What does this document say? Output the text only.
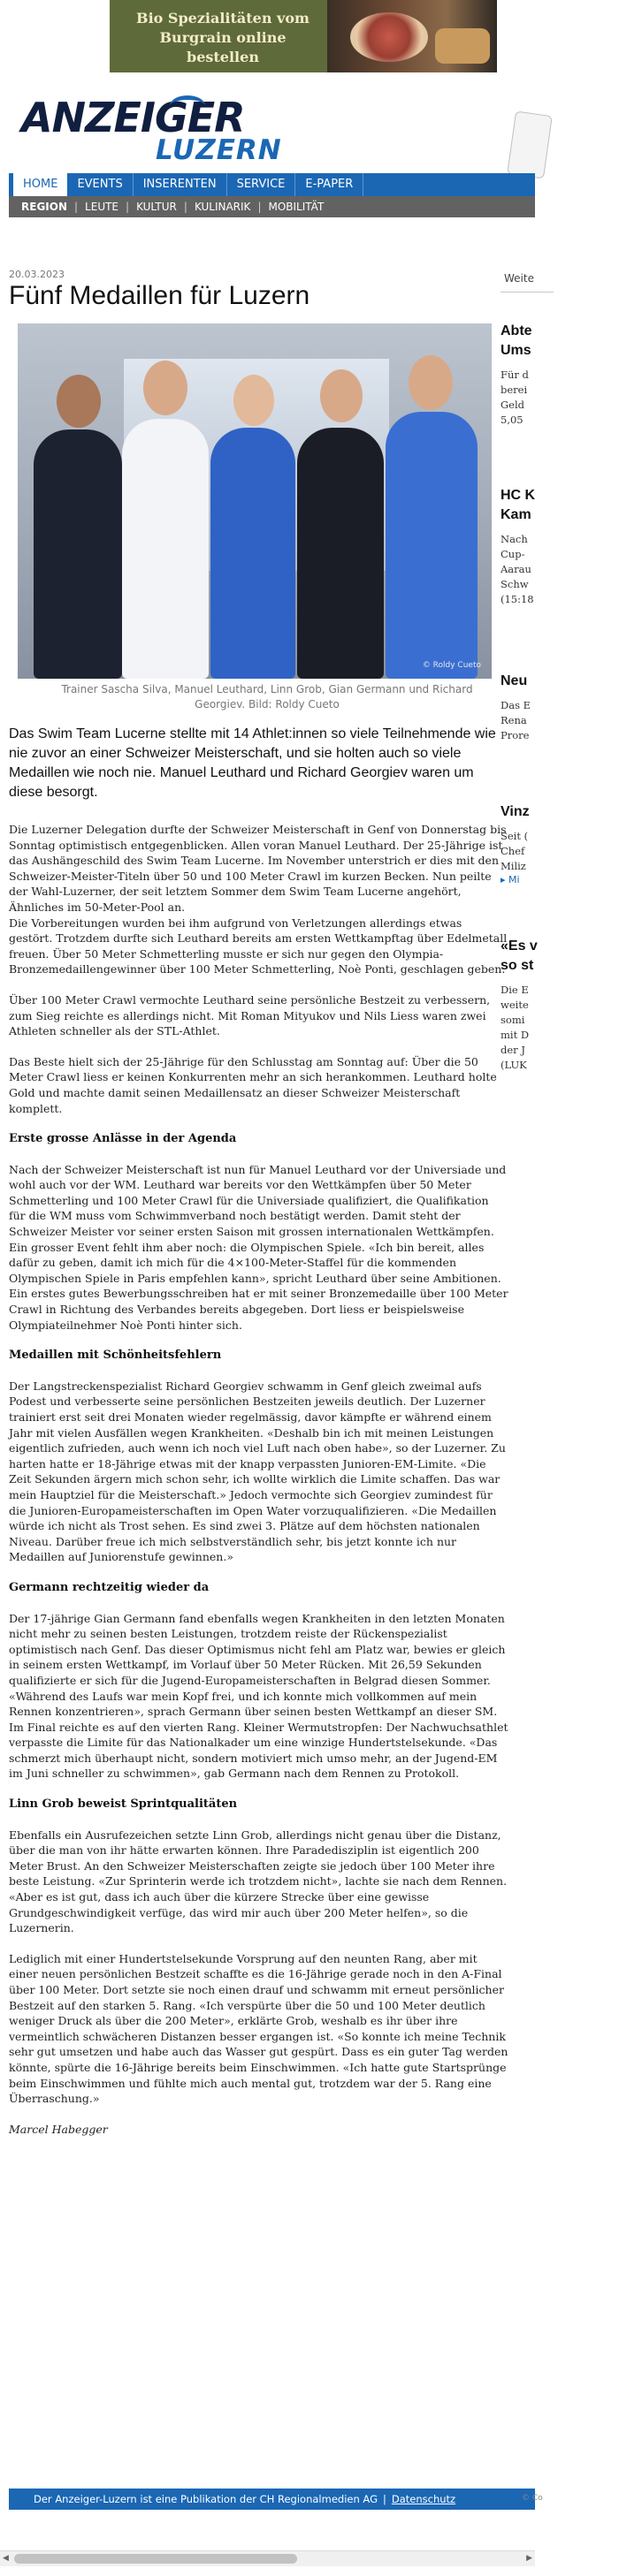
Bio Spezialitäten vom
Burgrain online bestellen
ANZEIGER
LUZERN
HOME	EVENTS	INSERENTEN	SERVICE	E-PAPER
REGION | LEUTE | KULTUR | KULINARIK | MOBILITÄT
20.03.2023
Fünf Medaillen für Luzern
© Roldy Cueto
Trainer Sascha Silva, Manuel Leuthard, Linn Grob, Gian Germann und Richard
Georgiev. Bild: Roldy Cueto
Das Swim Team Lucerne stellte mit 14 Athlet:innen so viele Teilnehmende wie nie zuvor an einer Schweizer Meisterschaft, und sie holten auch so viele Medaillen wie noch nie. Manuel Leuthard und Richard Georgiev waren um diese besorgt.

Die Luzerner Delegation durfte der Schweizer Meisterschaft in Genf von Donnerstag bis Sonntag optimistisch entgegenblicken. Allen voran Manuel Leuthard. Der 25-Jährige ist das Aushängeschild des Swim Team Lucerne. Im November unterstrich er dies mit den Schweizer-Meister-Titeln über 50 und 100 Meter Crawl im kurzen Becken. Nun peilte der Wahl-Luzerner, der seit letztem Sommer dem Swim Team Lucerne angehört, Ähnliches im 50-Meter-Pool an.
Die Vorbereitungen wurden bei ihm aufgrund von Verletzungen allerdings etwas gestört. Trotzdem durfte sich Leuthard bereits am ersten Wettkampftag über Edelmetall freuen. Über 50 Meter Schmetterling musste er sich nur gegen den Olympia-Bronzemedaillengewinner über 100 Meter Schmetterling, Noè Ponti, geschlagen geben.

Über 100 Meter Crawl vermochte Leuthard seine persönliche Bestzeit zu verbessern, zum Sieg reichte es allerdings nicht. Mit Roman Mityukov und Nils Liess waren zwei Athleten schneller als der STL-Athlet.

Das Beste hielt sich der 25-Jährige für den Schlusstag am Sonntag auf: Über die 50 Meter Crawl liess er keinen Konkurrenten mehr an sich herankommen. Leuthard holte Gold und machte damit seinen Medaillensatz an dieser Schweizer Meisterschaft komplett.

Erste grosse Anlässe in der Agenda

Nach der Schweizer Meisterschaft ist nun für Manuel Leuthard vor der Universiade und wohl auch vor der WM. Leuthard war bereits vor den Wettkämpfen über 50 Meter Schmetterling und 100 Meter Crawl für die Universiade qualifiziert, die Qualifikation für die WM muss vom Schwimmverband noch bestätigt werden. Damit steht der Schweizer Meister vor seiner ersten Saison mit grossen internationalen Wettkämpfen. Ein grosser Event fehlt ihm aber noch: die Olympischen Spiele. «Ich bin bereit, alles dafür zu geben, damit ich mich für die 4×100-Meter-Staffel für die kommenden Olympischen Spiele in Paris empfehlen kann», spricht Leuthard über seine Ambitionen. Ein erstes gutes Bewerbungsschreiben hat er mit seiner Bronzemedaille über 100 Meter Crawl in Richtung des Verbandes bereits abgegeben. Dort liess er beispielsweise Olympiateilnehmer Noè Ponti hinter sich.

Medaillen mit Schönheitsfehlern

Der Langstreckenspezialist Richard Georgiev schwamm in Genf gleich zweimal aufs Podest und verbesserte seine persönlichen Bestzeiten jeweils deutlich. Der Luzerner trainiert erst seit drei Monaten wieder regelmässig, davor kämpfte er während einem Jahr mit vielen Ausfällen wegen Krankheiten. «Deshalb bin ich mit meinen Leistungen eigentlich zufrieden, auch wenn ich noch viel Luft nach oben habe», so der Luzerner. Zu harten hatte er 18-Jährige etwas mit der knapp verpassten Junioren-EM-Limite. «Die Zeit Sekunden ärgern mich schon sehr, ich wollte wirklich die Limite schaffen. Das war mein Hauptziel für die Meisterschaft.» Jedoch vermochte sich Georgiev zumindest für die Junioren-Europameisterschaften im Open Water vorzuqualifizieren. «Die Medaillen würde ich nicht als Trost sehen. Es sind zwei 3. Plätze auf dem höchsten nationalen Niveau. Darüber freue ich mich selbstverständlich sehr, bis jetzt konnte ich nur Medaillen auf Juniorenstufe gewinnen.»

Germann rechtzeitig wieder da

Der 17-jährige Gian Germann fand ebenfalls wegen Krankheiten in den letzten Monaten nicht mehr zu seinen besten Leistungen, trotzdem reiste der Rückenspezialist optimistisch nach Genf. Das dieser Optimismus nicht fehl am Platz war, bewies er gleich in seinem ersten Wettkampf, im Vorlauf über 50 Meter Rücken. Mit 26,59 Sekunden qualifizierte er sich für die Jugend-Europameisterschaften in Belgrad diesen Sommer. «Während des Laufs war mein Kopf frei, und ich konnte mich vollkommen auf mein Rennen konzentrieren», sprach Germann über seinen besten Wettkampf an dieser SM. Im Final reichte es auf den vierten Rang. Kleiner Wermutstropfen: Der Nachwuchsathlet verpasste die Limite für das Nationalkader um eine winzige Hundertstelsekunde. «Das schmerzt mich überhaupt nicht, sondern motiviert mich umso mehr, an der Jugend-EM im Juni schneller zu schwimmen», gab Germann nach dem Rennen zu Protokoll.

Linn Grob beweist Sprintqualitäten

Ebenfalls ein Ausrufezeichen setzte Linn Grob, allerdings nicht genau über die Distanz, über die man von ihr hätte erwarten können. Ihre Paradedisziplin ist eigentlich 200 Meter Brust. An den Schweizer Meisterschaften zeigte sie jedoch über 100 Meter ihre beste Leistung. «Zur Sprinterin werde ich trotzdem nicht», lachte sie nach dem Rennen. «Aber es ist gut, dass ich auch über die kürzere Strecke über eine gewisse Grundgeschwindigkeit verfüge, das wird mir auch über 200 Meter helfen», so die Luzernerin.

Lediglich mit einer Hundertstelsekunde Vorsprung auf den neunten Rang, aber mit einer neuen persönlichen Bestzeit schaffte es die 16-Jährige gerade noch in den A-Final über 100 Meter. Dort setzte sie noch einen drauf und schwamm mit erneut persönlicher Bestzeit auf den starken 5. Rang. «Ich verspürte über die 50 und 100 Meter deutlich weniger Druck als über die 200 Meter», erklärte Grob, weshalb es ihr über ihre vermeintlich schwächeren Distanzen besser ergangen ist. «So konnte ich meine Technik sehr gut umsetzen und habe auch das Wasser gut gespürt. Dass es ein guter Tag werden könnte, spürte die 16-Jährige bereits beim Einschwimmen. «Ich hatte gute Startsprünge beim Einschwimmen und fühlte mich auch mental gut, trotzdem war der 5. Rang eine Überraschung.»

Marcel Habegger

Weite
Abte
Ums
Für d
berei
Geld
5,05
HC K
Kam
Nach
Cup-
Aarau
Schw
(15:18
Neu
Das E
Rena
Prore
Vinz
Seit (
Chef
Miliz
▸ Mi
«Es v
so st
Die E
weite
somi
mit D
der J
(LUK
Der Anzeiger-Luzern ist eine Publikation der CH Regionalmedien AG | Datenschutz	© Co
◀	▶
